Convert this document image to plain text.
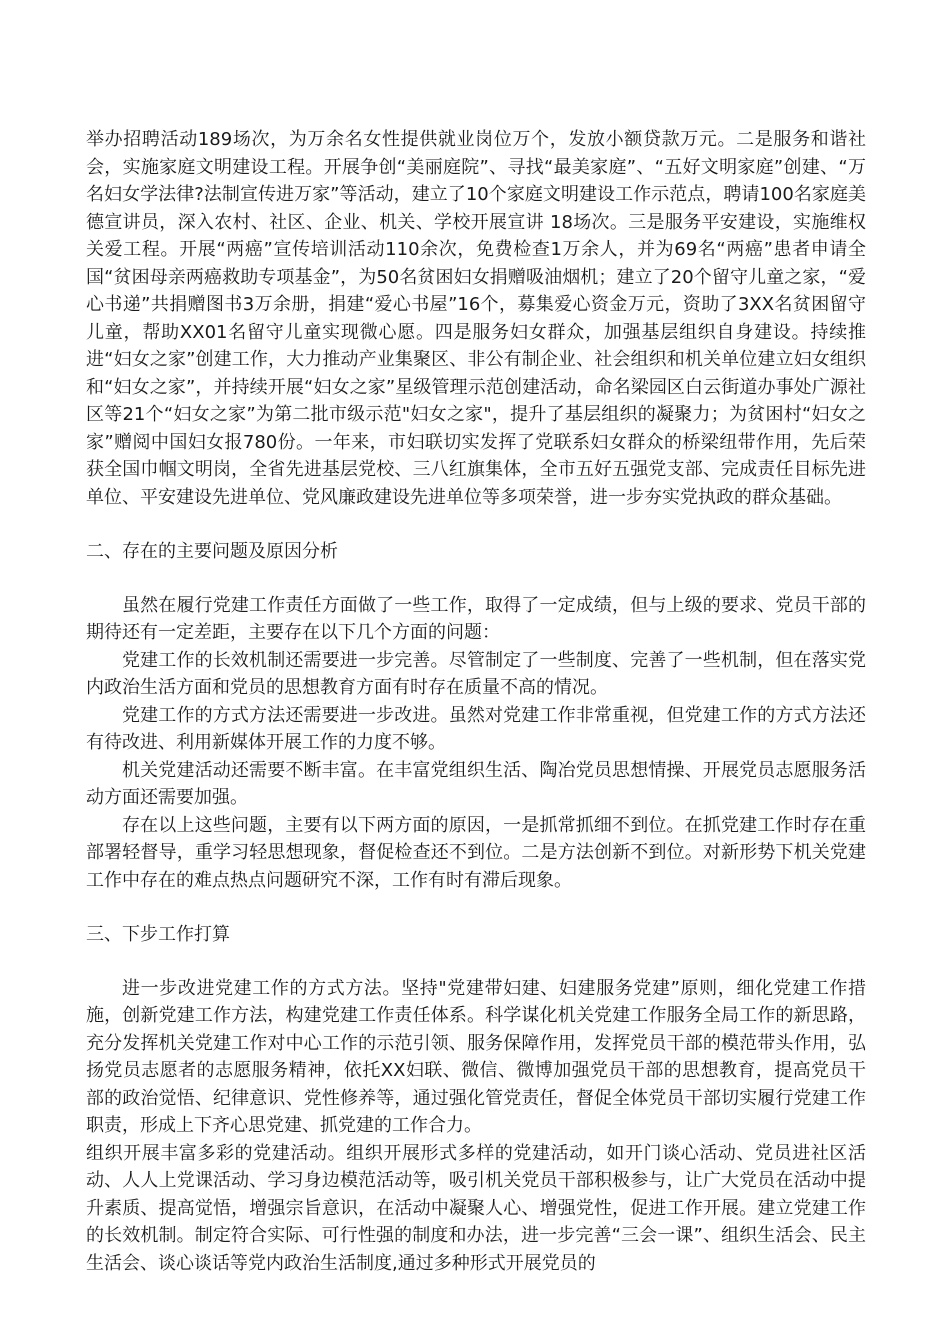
举办招聘活动189场次，为万余名女性提供就业岗位万个，发放小额贷款万元。二是服务和谐社会，实施家庭文明建设工程。开展争创“美丽庭院”、寻找“最美家庭”、“五好文明家庭”创建、“万名妇女学法律?法制宣传进万家”等活动，建立了10个家庭文明建设工作示范点，聘请100名家庭美德宣讲员，深入农村、社区、企业、机关、学校开展宣讲 18场次。三是服务平安建设，实施维权关爱工程。开展“两癌”宣传培训活动110余次，免费检查1万余人，并为69名“两癌”患者申请全国“贫困母亲两癌救助专项基金”，为50名贫困妇女捐赠吸油烟机；建立了20个留守儿童之家，“爱心书递”共捐赠图书3万余册，捐建“爱心书屋”16个，募集爱心资金万元，资助了3XX名贫困留守儿童，帮助XX01名留守儿童实现微心愿。四是服务妇女群众，加强基层组织自身建设。持续推进“妇女之家”创建工作，大力推动产业集聚区、非公有制企业、社会组织和机关单位建立妇女组织和“妇女之家”，并持续开展“妇女之家”星级管理示范创建活动，命名梁园区白云街道办事处广源社区等21个“妇女之家”为第二批市级示范"妇女之家"，提升了基层组织的凝聚力；为贫困村“妇女之家”赠阅中国妇女报780份。一年来，市妇联切实发挥了党联系妇女群众的桥梁纽带作用，先后荣获全国巾帼文明岗，全省先进基层党校、三八红旗集体，全市五好五强党支部、完成责任目标先进单位、平安建设先进单位、党风廉政建设先进单位等多项荣誉，进一步夯实党执政的群众基础。

二、存在的主要问题及原因分析

虽然在履行党建工作责任方面做了一些工作，取得了一定成绩，但与上级的要求、党员干部的期待还有一定差距，主要存在以下几个方面的问题：

党建工作的长效机制还需要进一步完善。尽管制定了一些制度、完善了一些机制，但在落实党内政治生活方面和党员的思想教育方面有时存在质量不高的情况。

党建工作的方式方法还需要进一步改进。虽然对党建工作非常重视，但党建工作的方式方法还有待改进、利用新媒体开展工作的力度不够。

机关党建活动还需要不断丰富。在丰富党组织生活、陶冶党员思想情操、开展党员志愿服务活动方面还需要加强。

存在以上这些问题，主要有以下两方面的原因，一是抓常抓细不到位。在抓党建工作时存在重部署轻督导，重学习轻思想现象，督促检查还不到位。二是方法创新不到位。对新形势下机关党建工作中存在的难点热点问题研究不深，工作有时有滞后现象。

三、下步工作打算

进一步改进党建工作的方式方法。坚持"党建带妇建、妇建服务党建”原则，细化党建工作措施，创新党建工作方法，构建党建工作责任体系。科学谋化机关党建工作服务全局工作的新思路，充分发挥机关党建工作对中心工作的示范引领、服务保障作用，发挥党员干部的模范带头作用，弘扬党员志愿者的志愿服务精神，依托XX妇联、微信、微博加强党员干部的思想教育，提高党员干部的政治觉悟、纪律意识、党性修养等，通过强化管党责任，督促全体党员干部切实履行党建工作职责，形成上下齐心思党建、抓党建的工作合力。

组织开展丰富多彩的党建活动。组织开展形式多样的党建活动，如开门谈心活动、党员进社区活动、人人上党课活动、学习身边模范活动等，吸引机关党员干部积极参与，让广大党员在活动中提升素质、提高觉悟，增强宗旨意识，在活动中凝聚人心、增强党性，促进工作开展。建立党建工作的长效机制。制定符合实际、可行性强的制度和办法，进一步完善“三会一课”、组织生活会、民主生活会、谈心谈话等党内政治生活制度,通过多种形式开展党员的
